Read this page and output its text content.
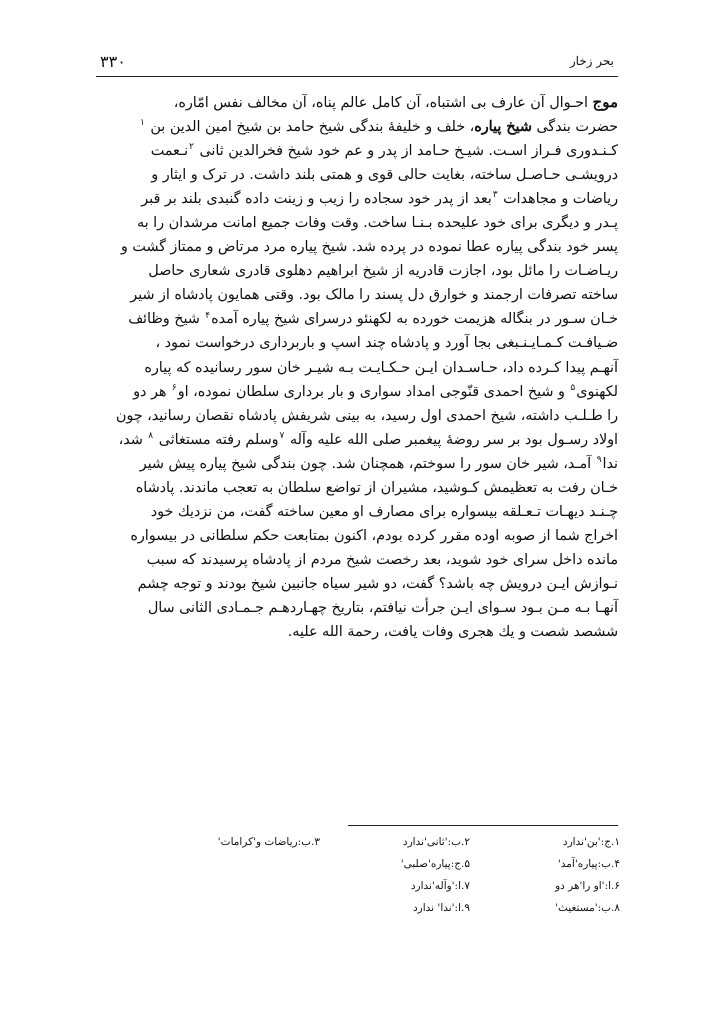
۳۳۰	بحر زخار

موج احـوال آن عارف بی اشتباه، آن کامل عالم پناه، آن مخالف نفس امّاره،

حضرت بندگی شیخ پیاره، خلف و خلیفهٔ بندگی شیخ حامد بن شیخ امین الدین بن $^۱$

کـنـدوری فـراز اسـت. شیـخ حـامد از پدر و عم خود شیخ فخرالدین ثانی $^۲$نـعمت

درویشـی حـاصـل ساخته، بغایت حالی قوی و همتی بلند داشت. در ترک و ایثار و

ریاضات و مجاهدات $^۳$بعد از پدر خود سجاده را زیب و زینت داده گنبدی بلند بر قبر

پـدر و دیگری برای خود علیحده بـنـا ساخت. وقت وفات جمیع امانت مرشدان را به

پسر خود بندگی پیاره عطا نموده در پرده شد. شیخ پیاره مرد مرتاض و ممتاز گشت و

ریـاضـات را مائل بود، اجازت قادریه از شیخ ابراهیم دهلوی قادری شعاری حاصل

ساخته تصرفات ارجمند و خوارق دل پسند را مالک بود. وقتی همایون پادشاه از شیر

خـان سـور در بنگاله هزیمت خورده به لکهنئو درسرای شیخ پیاره آمده$^۴$ شیخ وظائف

ضـیافـت کـمـایـنـبغی بجا آورد و پادشاه چند اسپ و باربرداری درخواست نمود ،

آنهـم پیدا کـرده داد، حـاسـدان ایـن حـکـایـت بـه شیـر خان سور رسانیده که پیاره

لکهنوی$^۵$ و شیخ احمدی قنّوجی امداد سواری و بار برداری سلطان نموده، او$^۶$ هر دو

را طـلـب داشته، شیخ احمدی اول رسید، به بینی شریفش پادشاه نقصان رسانید، چون

اولاد رسـول بود بر سر روضهٔ پیغمبر صلی الله علیه وآله $^۷$وسلم رفته مستغاثی $^۸$ شد،

ندا$^۹$ آمـد، شیر خان سور را سوختم، همچنان شد. چون بندگی شیخ پیاره پیش شیر

خـان رفت به تعظیمش کـوشید، مشیران از تواضع سلطان به تعجب ماندند. پادشاه

چـنـد دیهـات تـعـلقه بیسواره برای مصارف او معین ساخته گفت، من نزدیك خود

اخراج شما از صوبه اوده مقرر کرده بودم، اکنون بمتابعت حکم سلطانی در بیسواره

مانده داخل سرای خود شوید، بعد رخصت شیخ مردم از پادشاه پرسیدند که سبب

نـوازش ایـن درویش چه باشد؟ گفت، دو شیر سیاه جانبین شیخ بودند و توجه چشم

آنهـا بـه مـن بـود سـوای ایـن جرأت نیافتم، بتاریخ چهـاردهـم جـمـادی الثانی سال

ششصد شصت و یك هجری وفات یافت، رحمة الله علیه.

۱.ج:'بن'ندارد
۲.ب:'ثانی'ندارد
۳.ب:ریاضات و'کرامات'
۴.ب:پیاره'آمد'
۵.ج:پیاره'صلبی'
۶.ا:'او را'هر دو
۷.ا:'وآله'ندارد
۸.ب:'مستغیث'
۹.ا:'ندا' ندارد
